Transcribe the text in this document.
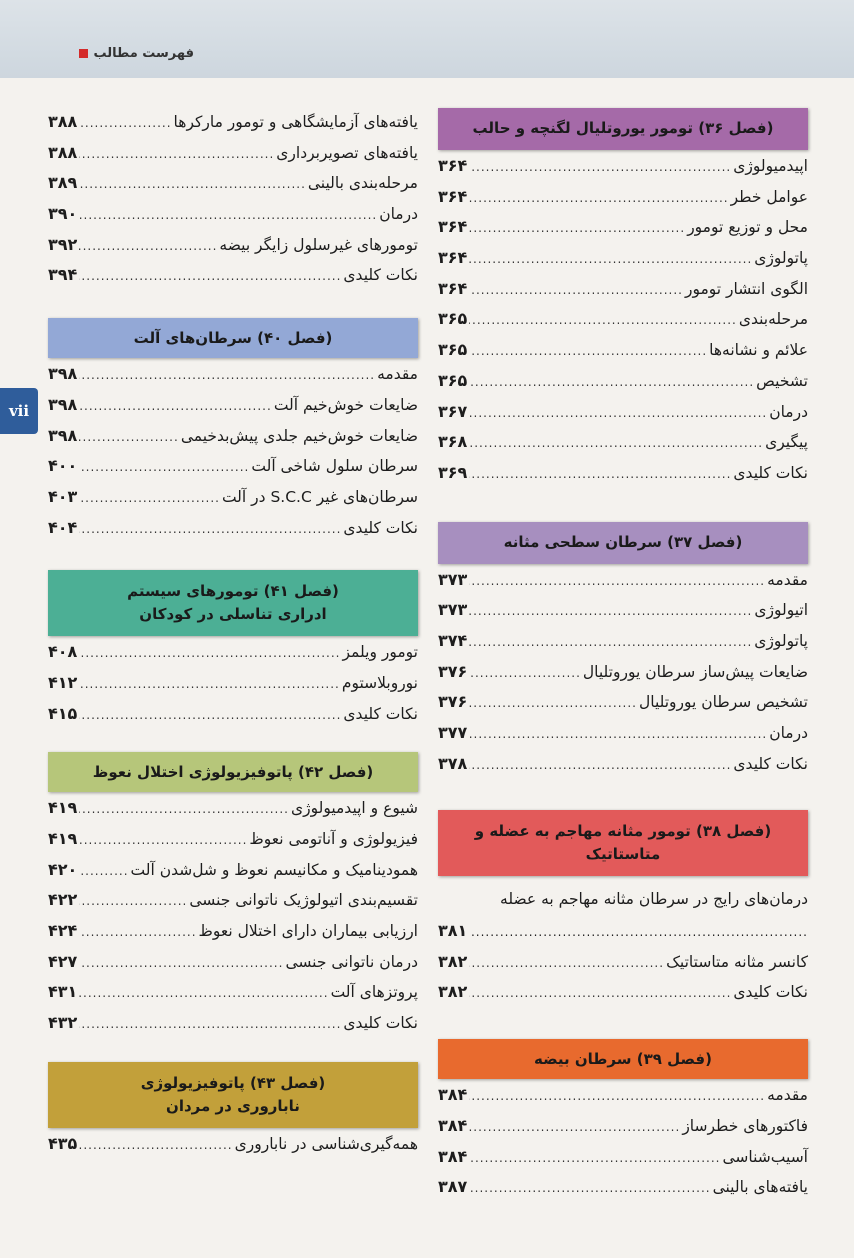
فهرست مطالب
vii
(فصل ۳۶) تومور یوروتلیال لگنچه و حالب
اپیدمیولوژی
.....
۳۶۴
عوامل خطر
.....
۳۶۴
محل و توزیع تومور
.....
۳۶۴
پاتولوژی
.....
۳۶۴
الگوی انتشار تومور
.....
۳۶۴
مرحله‌بندی
.....
۳۶۵
علائم و نشانه‌ها
.....
۳۶۵
تشخیص
.....
۳۶۵
درمان
.....
۳۶۷
پیگیری
.....
۳۶۸
نکات کلیدی
.....
۳۶۹
(فصل ۳۷) سرطان سطحی مثانه
مقدمه
.....
۳۷۳
اتیولوژی
.....
۳۷۳
پاتولوژی
.....
۳۷۴
ضایعات پیش‌ساز سرطان یوروتلیال
.....
۳۷۶
تشخیص سرطان یوروتلیال
.....
۳۷۶
درمان
.....
۳۷۷
نکات کلیدی
.....
۳۷۸
(فصل ۳۸) تومور مثانه مهاجم به عضله و متاستاتیک
درمان‌های رایج در سرطان مثانه مهاجم به عضله
.....
۳۸۱
کانسر مثانه متاستاتیک
.....
۳۸۲
نکات کلیدی
.....
۳۸۲
(فصل ۳۹) سرطان بیضه
مقدمه
.....
۳۸۴
فاکتورهای خطرساز
.....
۳۸۴
آسیب‌شناسی
.....
۳۸۴
یافته‌های بالینی
.....
۳۸۷
یافته‌های آزمایشگاهی و تومور مارکرها
.....
۳۸۸
یافته‌های تصویربرداری
.....
۳۸۸
مرحله‌بندی بالینی
.....
۳۸۹
درمان
.....
۳۹۰
تومورهای غیرسلول زایگر بیضه
.....
۳۹۲
نکات کلیدی
.....
۳۹۴
(فصل ۴۰) سرطان‌های آلت
مقدمه
.....
۳۹۸
ضایعات خوش‌خیم آلت
.....
۳۹۸
ضایعات خوش‌خیم جلدی پیش‌بدخیمی
.....
۳۹۸
سرطان سلول شاخی آلت
.....
۴۰۰
سرطان‌های غیر S.C.C در آلت
.....
۴۰۳
نکات کلیدی
.....
۴۰۴
(فصل ۴۱) تومورهای سیستم ادراری تناسلی در کودکان
تومور ویلمز
.....
۴۰۸
نوروبلاستوم
.....
۴۱۲
نکات کلیدی
.....
۴۱۵
(فصل ۴۲) پاتوفیزیولوژی اختلال نعوظ
شیوع و اپیدمیولوژی
.....
۴۱۹
فیزیولوژی و آناتومی نعوظ
.....
۴۱۹
همودینامیک و مکانیسم نعوظ و شل‌شدن آلت
.....
۴۲۰
تقسیم‌بندی اتیولوژیک ناتوانی جنسی
.....
۴۲۲
ارزیابی بیماران دارای اختلال نعوظ
.....
۴۲۴
درمان ناتوانی جنسی
.....
۴۲۷
پروتزهای آلت
.....
۴۳۱
نکات کلیدی
.....
۴۳۲
(فصل ۴۳) پاتوفیزیولوژی ناباروری در مردان
همه‌گیری‌شناسی در ناباروری
.....
۴۳۵
